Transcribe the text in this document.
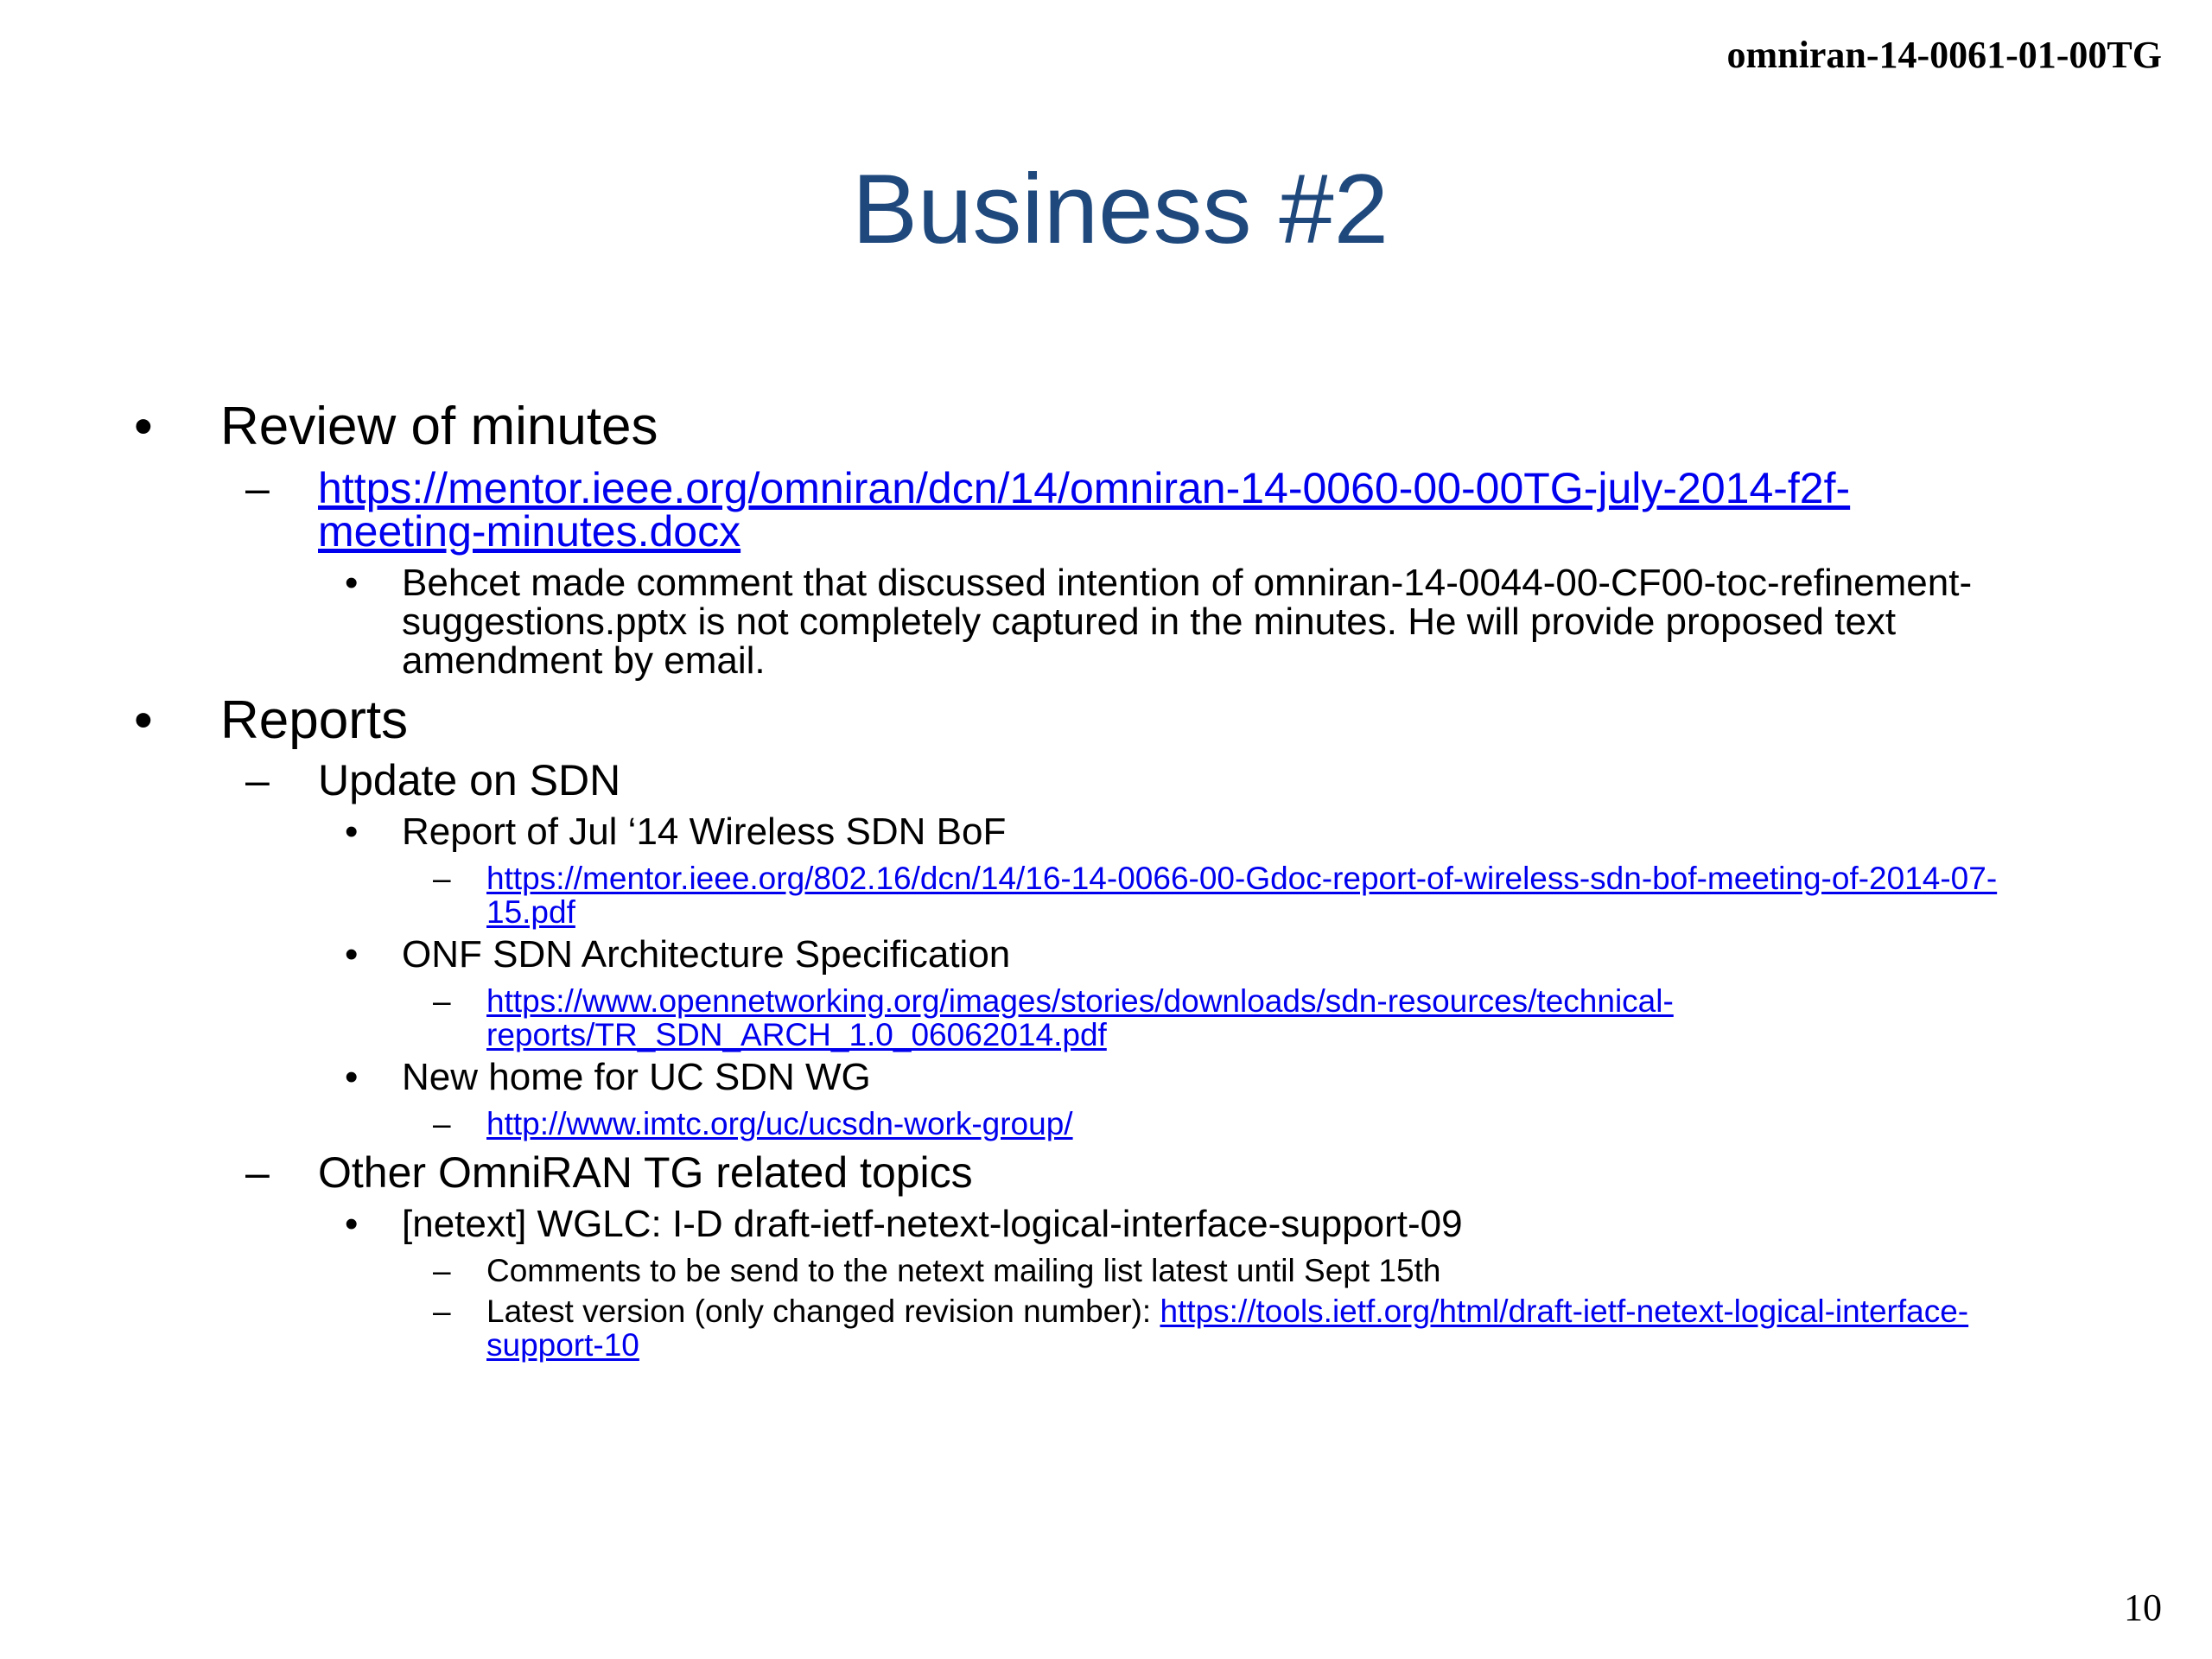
omniran-14-0061-01-00TG
Business #2
• Review of minutes
– https://mentor.ieee.org/omniran/dcn/14/omniran-14-0060-00-00TG-july-2014-f2f-
meeting-minutes.docx
• Behcet made comment that discussed intention of omniran-14-0044-00-CF00-toc-refinement-
suggestions.pptx is not completely captured in the minutes. He will provide proposed text
amendment by email.
• Reports
– Update on SDN
• Report of Jul ‘14 Wireless SDN BoF
– https://mentor.ieee.org/802.16/dcn/14/16-14-0066-00-Gdoc-report-of-wireless-sdn-bof-meeting-of-2014-07-
15.pdf
• ONF SDN Architecture Specification
– https://www.opennetworking.org/images/stories/downloads/sdn-resources/technical-
reports/TR_SDN_ARCH_1.0_06062014.pdf
• New home for UC SDN WG
– http://www.imtc.org/uc/ucsdn-work-group/
– Other OmniRAN TG related topics
• [netext] WGLC: I-D draft-ietf-netext-logical-interface-support-09
– Comments to be send to the netext mailing list latest until Sept 15th
– Latest version (only changed revision number): https://tools.ietf.org/html/draft-ietf-netext-logical-interface-
support-10
10
